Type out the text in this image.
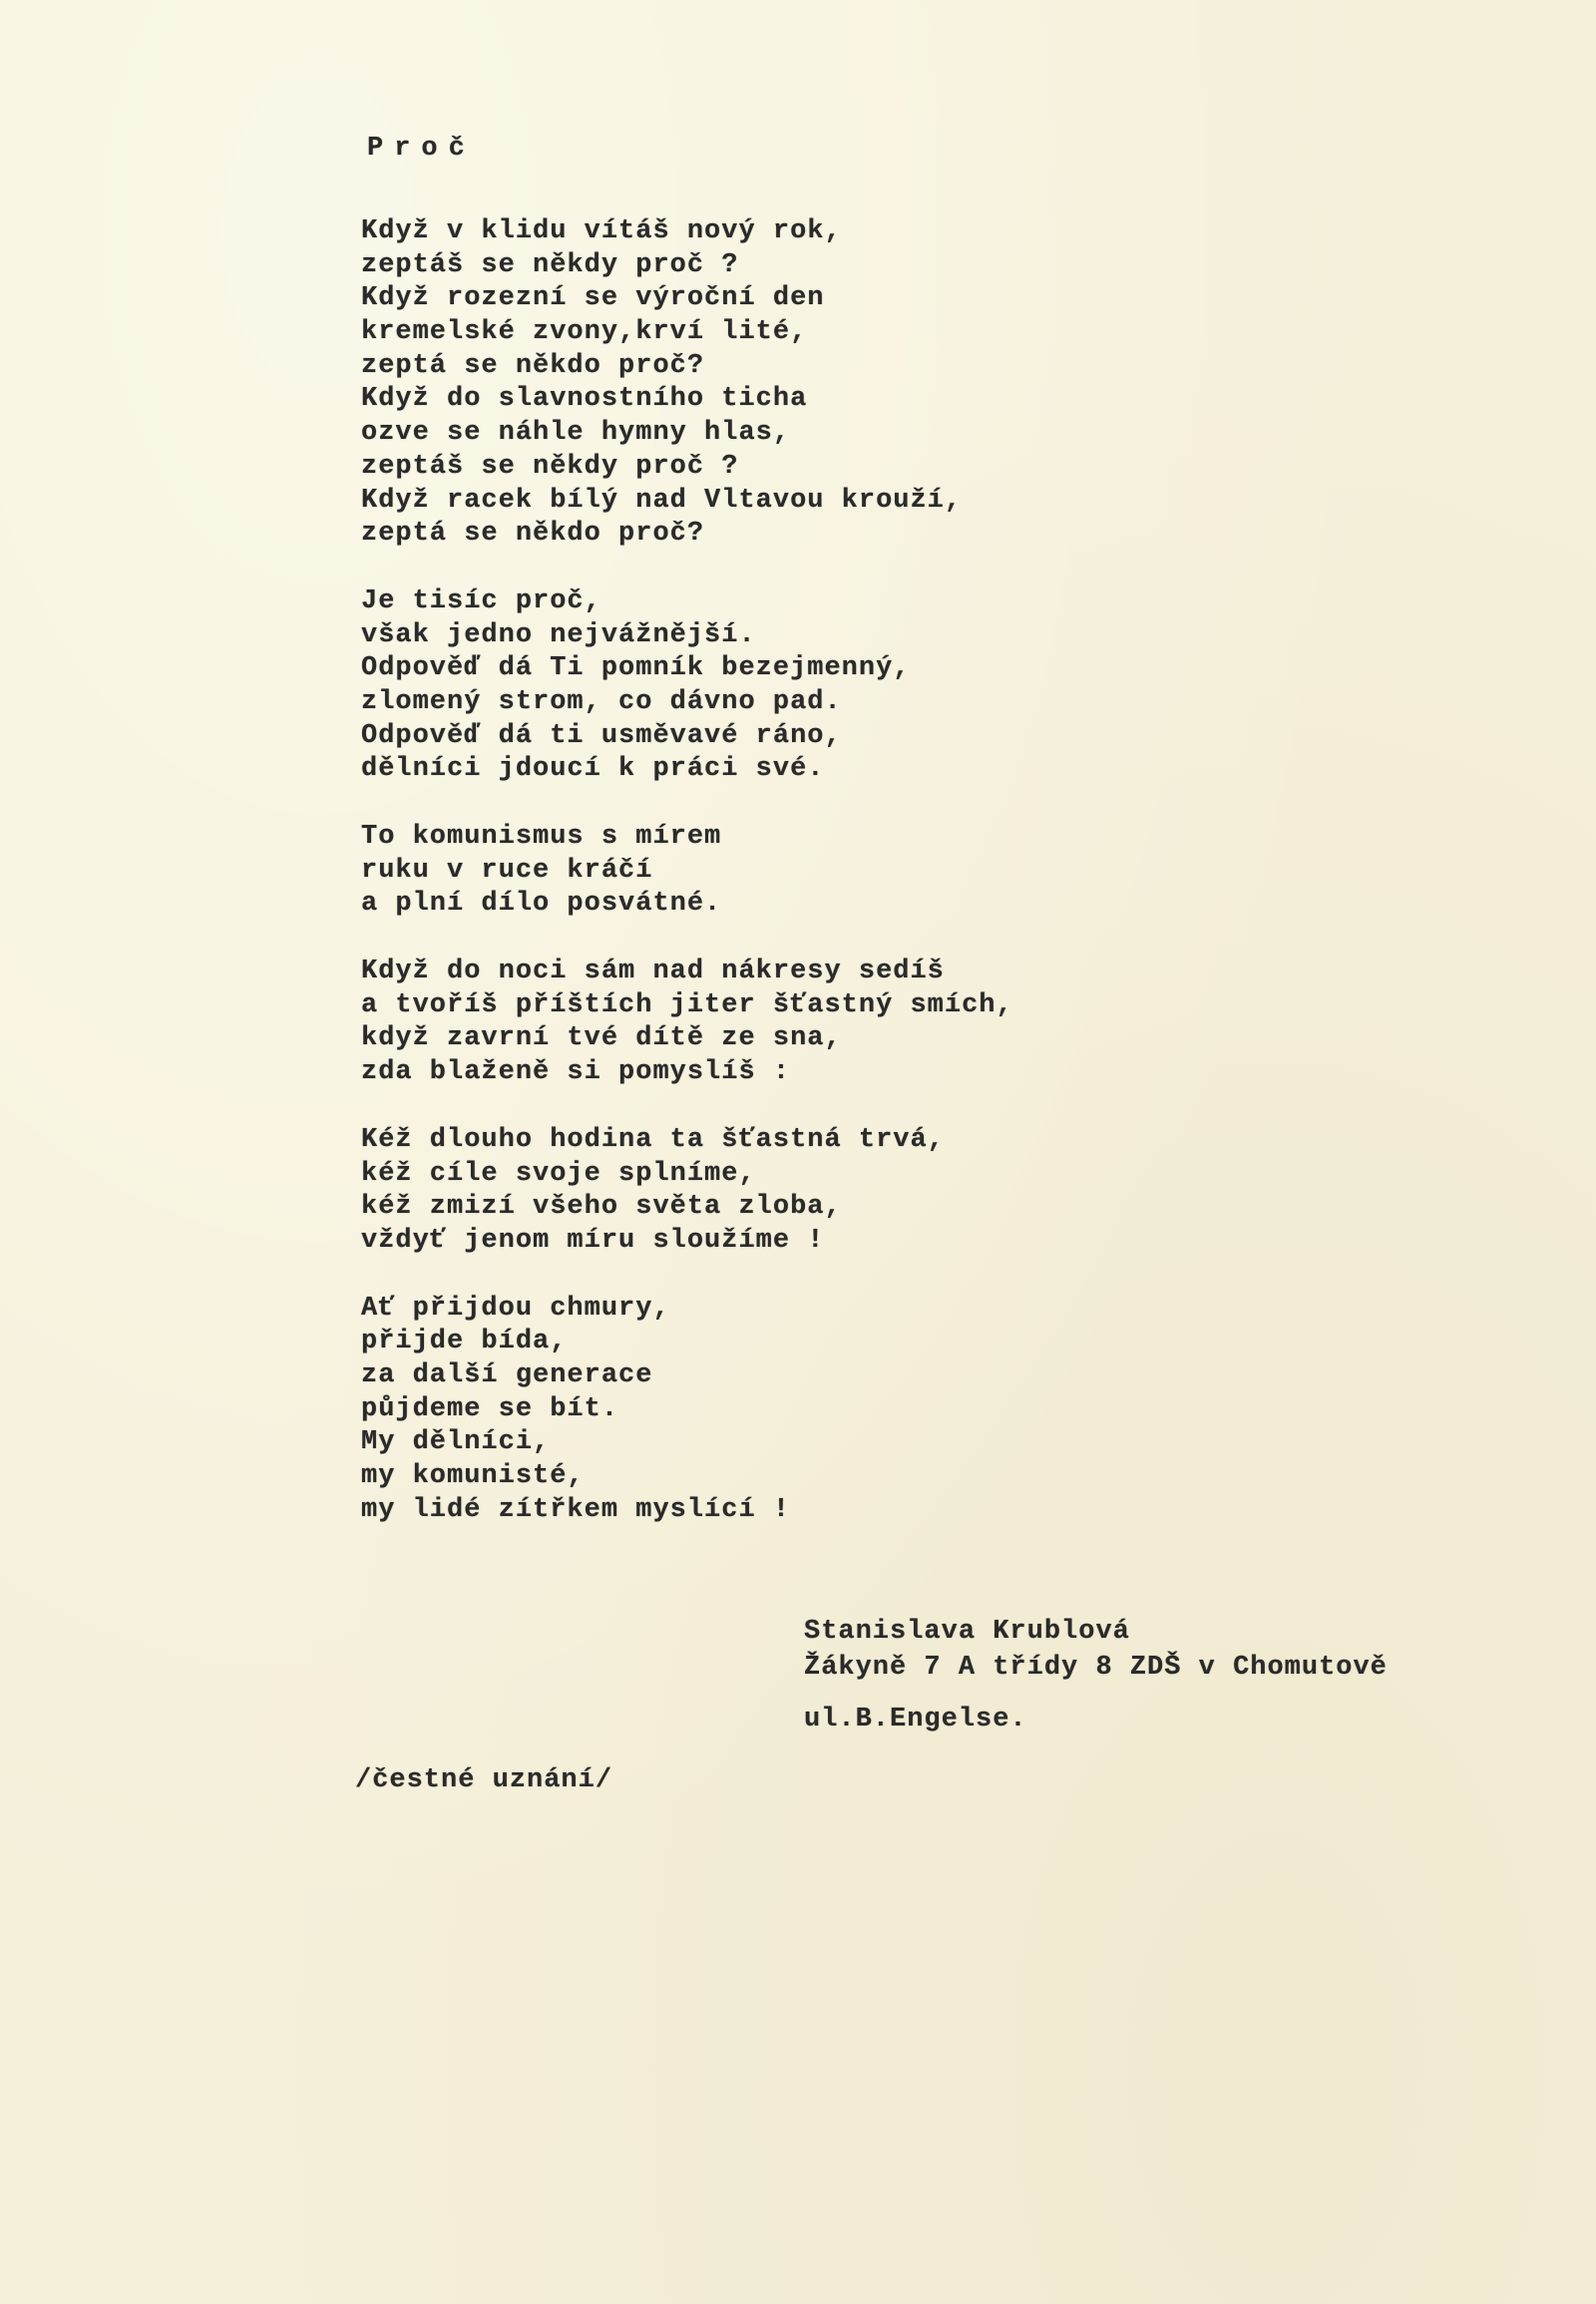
Proč
Když v klidu vítáš nový rok,
zeptáš se někdy proč ?
Když rozezní se výroční den
kremelské zvony,krví lité,
zeptá se někdo proč?
Když do slavnostního ticha
ozve se náhle hymny hlas,
zeptáš se někdy proč ?
Když racek bílý nad Vltavou krouží,
zeptá se někdo proč?
Je tisíc proč,
však jedno nejvážnější.
Odpověď dá Ti pomník bezejmenný,
zlomený strom, co dávno pad.
Odpověď dá ti usměvavé ráno,
dělníci jdoucí k práci své.
To komunismus s mírem
ruku v ruce kráčí
a plní dílo posvátné.
Když do noci sám nad nákresy sedíš
a tvoříš příštích jiter šťastný smích,
když zavrní tvé dítě ze sna,
zda blaženě si pomyslíš :
Kéž dlouho hodina ta šťastná trvá,
kéž cíle svoje splníme,
kéž zmizí všeho světa zloba,
vždyť jenom míru sloužíme !
Ať přijdou chmury,
přijde bída,
za další generace
půjdeme se bít.
My dělníci,
my komunisté,
my lidé zítřkem myslící !
Stanislava Krublová
Žákyně 7 A třídy 8 ZDŠ v Chomutově
ul.B.Engelse.

/čestné uznání/
